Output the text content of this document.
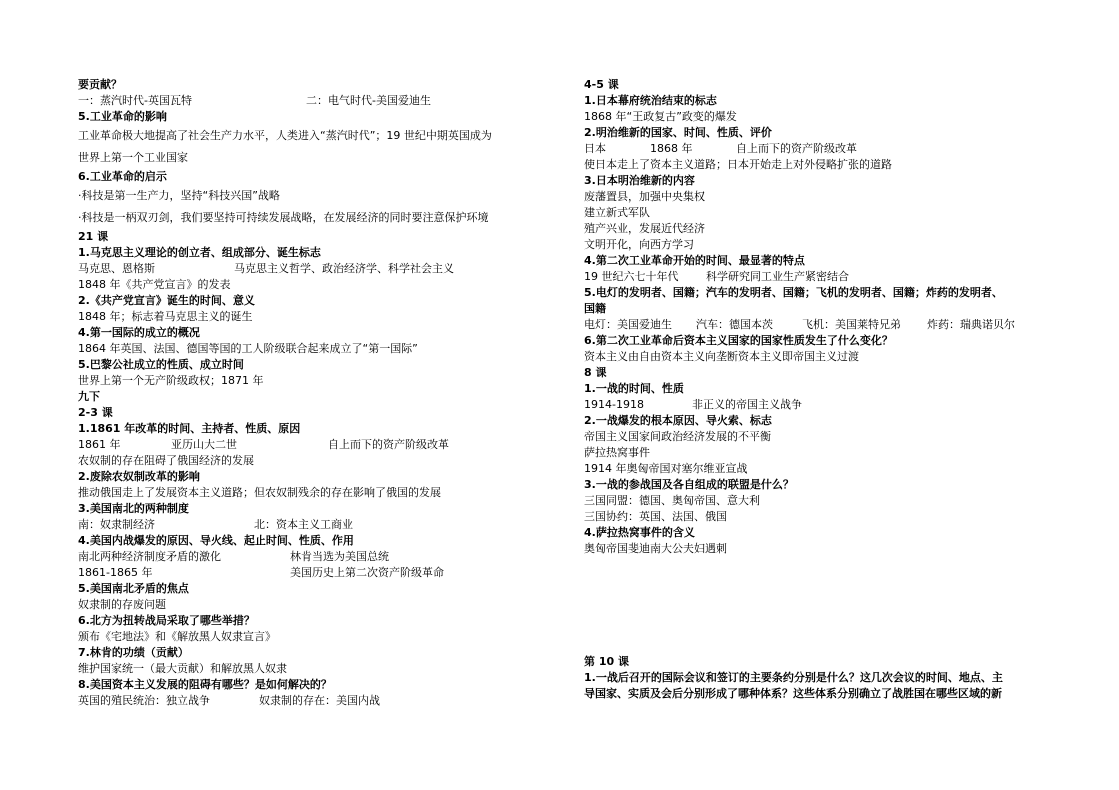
要贡献？
一：蒸汽时代-英国瓦特	二：电气时代-美国爱迪生
5.工业革命的影响
工业革命极大地提高了社会生产力水平，人类进入“蒸汽时代”；19 世纪中期英国成为
世界上第一个工业国家
6.工业革命的启示
·科技是第一生产力，坚持“科技兴国”战略
·科技是一柄双刃剑，我们要坚持可持续发展战略，在发展经济的同时要注意保护环境
21 课
1.马克思主义理论的创立者、组成部分、诞生标志
马克思、恩格斯	马克思主义哲学、政治经济学、科学社会主义
1848 年《共产党宣言》的发表
2.《共产党宣言》诞生的时间、意义
1848 年；标志着马克思主义的诞生
4.第一国际的成立的概况
1864 年英国、法国、德国等国的工人阶级联合起来成立了“第一国际”
5.巴黎公社成立的性质、成立时间
世界上第一个无产阶级政权；1871 年
九下
2-3 课
1.1861 年改革的时间、主持者、性质、原因
1861 年	亚历山大二世	自上而下的资产阶级改革
农奴制的存在阻碍了俄国经济的发展
2.废除农奴制改革的影响
推动俄国走上了发展资本主义道路；但农奴制残余的存在影响了俄国的发展
3.美国南北的两种制度
南：奴隶制经济	北：资本主义工商业
4.美国内战爆发的原因、导火线、起止时间、性质、作用
南北两种经济制度矛盾的激化	林肯当选为美国总统
1861-1865 年	美国历史上第二次资产阶级革命
5.美国南北矛盾的焦点
奴隶制的存废问题
6.北方为扭转战局采取了哪些举措？
颁布《宅地法》和《解放黑人奴隶宣言》
7.林肯的功绩（贡献）
维护国家统一（最大贡献）和解放黑人奴隶
8.美国资本主义发展的阻碍有哪些？是如何解决的？
英国的殖民统治：独立战争	奴隶制的存在：美国内战
4-5 课
1.日本幕府统治结束的标志
1868 年“王政复古”政变的爆发
2.明治维新的国家、时间、性质、评价
日本	1868 年	自上而下的资产阶级改革
使日本走上了资本主义道路；日本开始走上对外侵略扩张的道路
3.日本明治维新的内容
废藩置县，加强中央集权
建立新式军队
殖产兴业，发展近代经济
文明开化，向西方学习
4.第二次工业革命开始的时间、最显著的特点
19 世纪六七十年代	科学研究同工业生产紧密结合
5.电灯的发明者、国籍；汽车的发明者、国籍；飞机的发明者、国籍；炸药的发明者、
国籍
电灯：美国爱迪生 汽车：德国本茨	飞机：美国莱特兄弟 炸药：瑞典诺贝尔
6.第二次工业革命后资本主义国家的国家性质发生了什么变化？
资本主义由自由资本主义向垄断资本主义即帝国主义过渡
8 课
1.一战的时间、性质
1914-1918	非正义的帝国主义战争
2.一战爆发的根本原因、导火索、标志
帝国主义国家间政治经济发展的不平衡
萨拉热窝事件
1914 年奥匈帝国对塞尔维亚宣战
3.一战的参战国及各自组成的联盟是什么？
三国同盟：德国、奥匈帝国、意大利
三国协约：英国、法国、俄国
4.萨拉热窝事件的含义
奥匈帝国斐迪南大公夫妇遇刺
第 10 课
1.一战后召开的国际会议和签订的主要条约分别是什么？这几次会议的时间、地点、主
导国家、实质及会后分别形成了哪种体系？这些体系分别确立了战胜国在哪些区域的新
